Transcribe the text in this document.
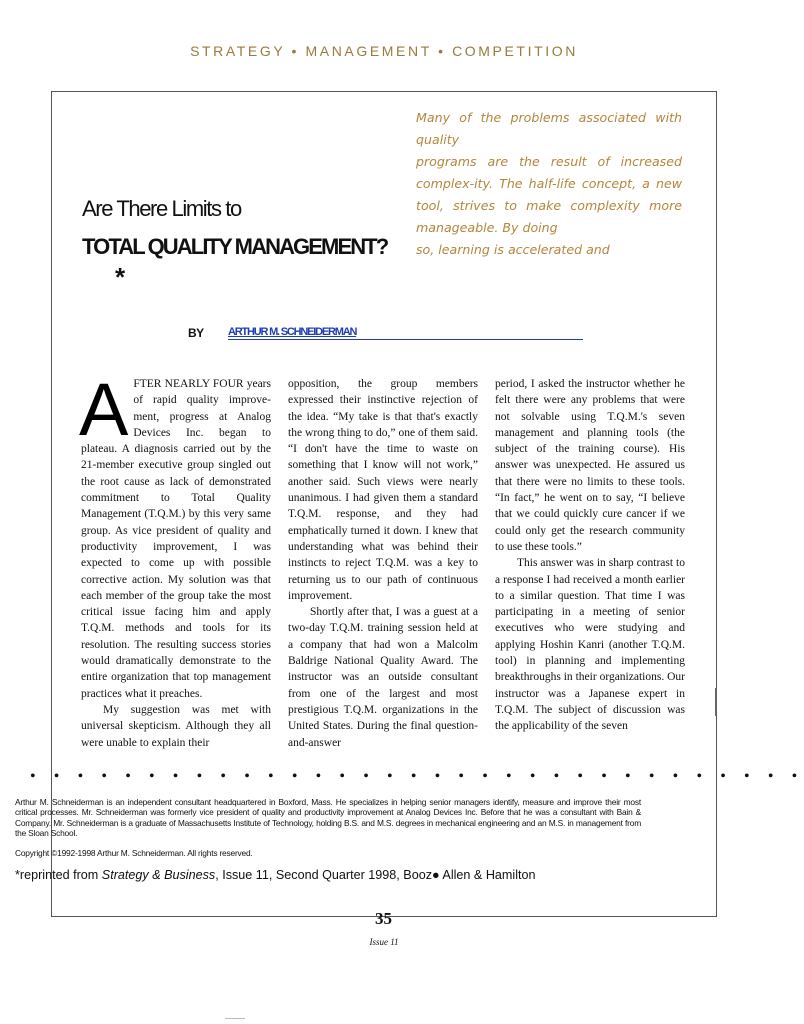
STRATEGY • MANAGEMENT • COMPETITION

Many of the problems associated with quality

programs are the result of increased complex-ity. The half-life concept, a new tool, strives to make complexity more manageable. By doing

so, learning is accelerated and

Are There Limits to
TOTAL QUALITY MANAGEMENT?
*
BY ARTHUR M. SCHNEIDERMAN
A FTER NEARLY FOUR years of rapid quality improve-ment, progress at Analog Devices Inc. began to plateau. A diagnosis carried out by the 21-member executive group singled out the root cause as lack of demonstrated commitment to Total Quality Management (T.Q.M.) by this very same group. As vice president of quality and productivity improvement, I was expected to come up with possible corrective action. My solution was that each member of the group take the most critical issue facing him and apply T.Q.M. methods and tools for its resolution. The resulting success stories would dramatically demonstrate to the entire organization that top management practices what it preaches.

My suggestion was met with universal skepticism. Although they all were unable to explain their

opposition, the group members expressed their instinctive rejection of the idea. “My take is that that's exactly the wrong thing to do,” one of them said. “I don't have the time to waste on something that I know will not work,” another said. Such views were nearly unanimous. I had given them a standard T.Q.M. response, and they had emphatically turned it down. I knew that understanding what was behind their instincts to reject T.Q.M. was a key to returning us to our path of continuous improvement.

Shortly after that, I was a guest at a two-day T.Q.M. training session held at a company that had won a Malcolm Baldrige National Quality Award. The instructor was an outside consultant from one of the largest and most prestigious T.Q.M. organizations in the United States. During the final question-and-answer

period, I asked the instructor whether he felt there were any problems that were not solvable using T.Q.M.'s seven management and planning tools (the subject of the training course). His answer was unexpected. He assured us that there were no limits to these tools. “In fact,” he went on to say, “I believe that we could quickly cure cancer if we could only get the research community to use these tools.”

This answer was in sharp contrast to a response I had received a month earlier to a similar question. That time I was participating in a meeting of senior executives who were studying and applying Hoshin Kanri (another T.Q.M. tool) in planning and implementing breakthroughs in their organizations. Our instructor was a Japanese expert in T.Q.M. The subject of discussion was the applicability of the seven

• • • • • • • • • • • • • • • • • • • • • • • • • • • • • • • • •
Arthur M. Schneiderman is an independent consultant headquartered in Boxford, Mass. He specializes in helping senior managers identify, measure and improve their most critical processes. Mr. Schneiderman was formerly vice president of quality and productivity improvement at Analog Devices Inc. Before that he was a consultant with Bain & Company. Mr. Schneiderman is a graduate of Massachusetts Institute of Technology, holding B.S. and M.S. degrees in mechanical engineering and an M.S. in management from the Sloan School.
Copyright ©1992-1998 Arthur M. Schneiderman. All rights reserved.
*reprinted from Strategy & Business, Issue 11, Second Quarter 1998, Booz● Allen & Hamilton
35
Issue 11
